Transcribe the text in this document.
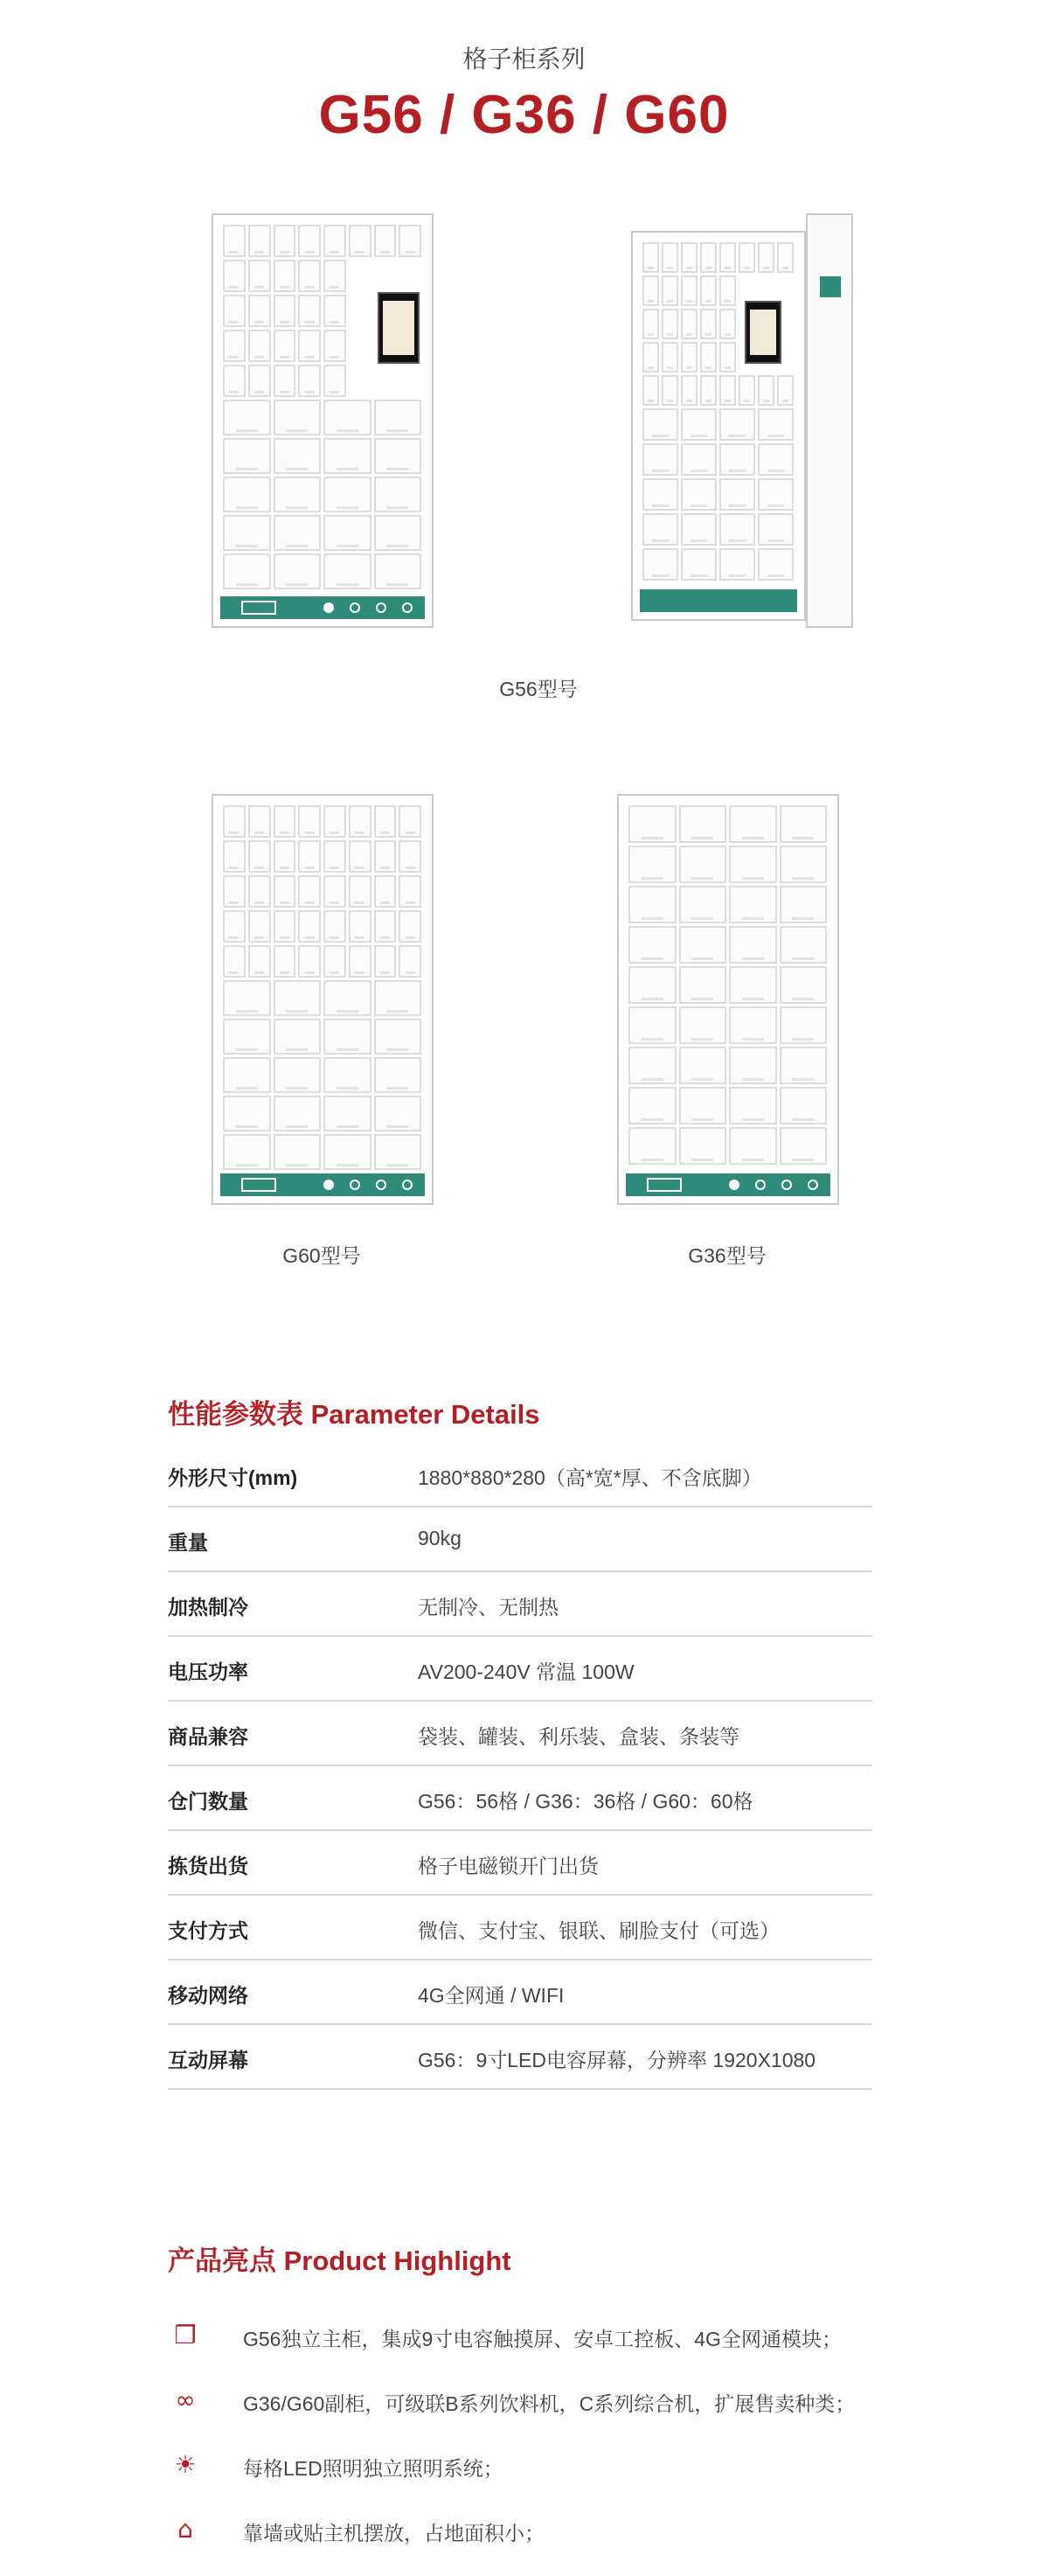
格子柜系列
G56 / G36 / G60
G56型号
G60型号	G36型号
性能参数表 Parameter Details
外形尺寸(mm)	1880*880*280（高*宽*厚、不含底脚）
重量	90kg
加热制冷	无制冷、无制热
电压功率	AV200-240V 常温 100W
商品兼容	袋装、罐装、利乐装、盒装、条装等
仓门数量	G56：56格 / G36：36格 / G60：60格
拣货出货	格子电磁锁开门出货
支付方式	微信、支付宝、银联、刷脸支付（可选）
移动网络	4G全网通 / WIFI
互动屏幕	G56：9寸LED电容屏幕，分辨率 1920X1080
产品亮点 Product Highlight
❒ G56独立主柜，集成9寸电容触摸屏、安卓工控板、4G全网通模块；
∞ G36/G60副柜，可级联B系列饮料机，C系列综合机，扩展售卖种类；
☀ 每格LED照明独立照明系统；
⌂	靠墙或贴主机摆放，占地面积小；
